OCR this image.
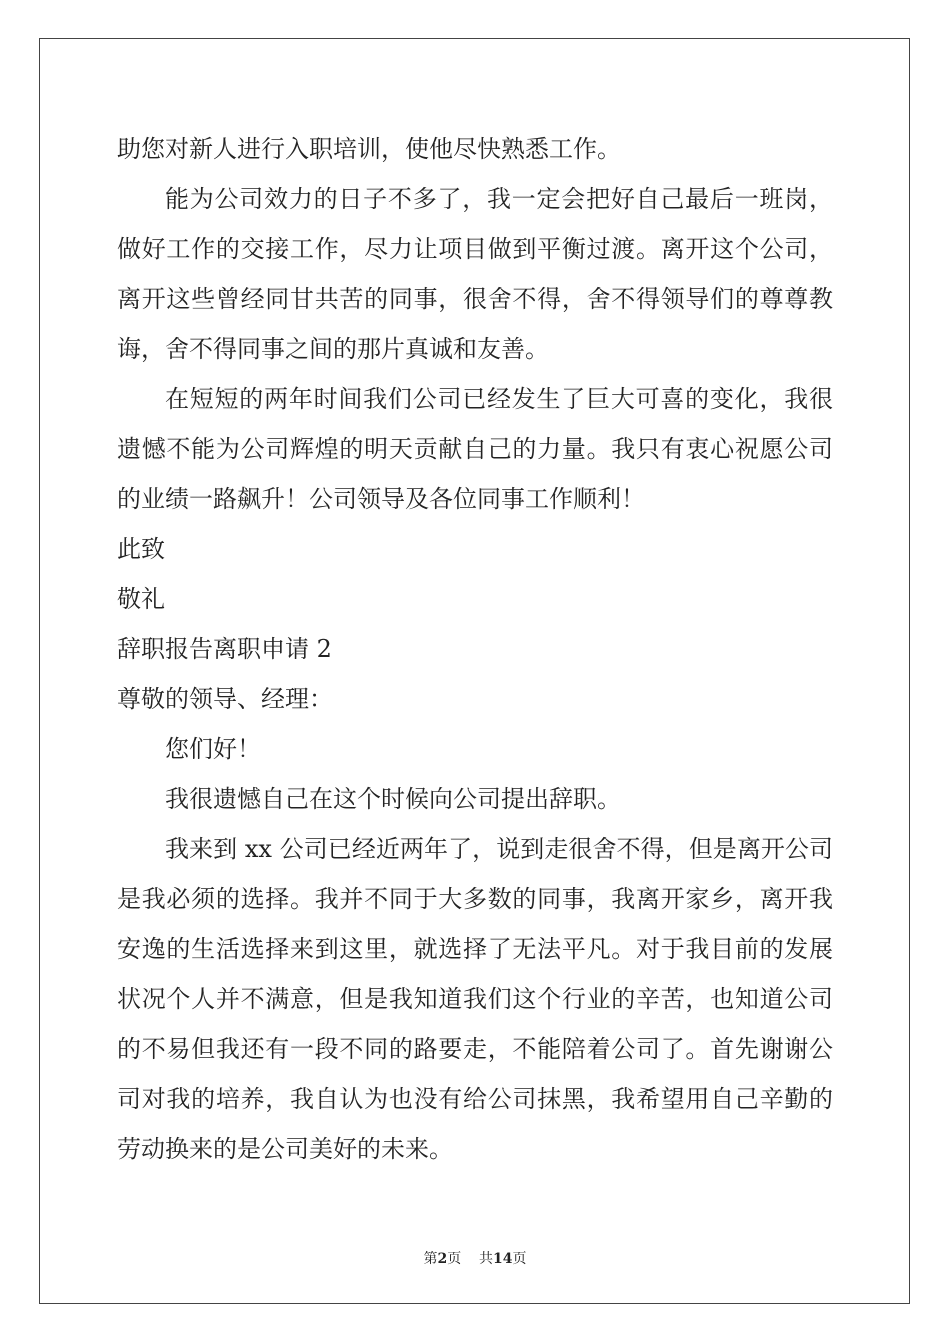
助您对新人进行入职培训，使他尽快熟悉工作。

能为公司效力的日子不多了，我一定会把好自己最后一班岗，做好工作的交接工作，尽力让项目做到平衡过渡。离开这个公司，离开这些曾经同甘共苦的同事，很舍不得，舍不得领导们的尊尊教诲，舍不得同事之间的那片真诚和友善。

在短短的两年时间我们公司已经发生了巨大可喜的变化，我很遗憾不能为公司辉煌的明天贡献自己的力量。我只有衷心祝愿公司的业绩一路飙升！公司领导及各位同事工作顺利！

此致

敬礼

辞职报告离职申请 2

尊敬的领导、经理：

您们好！

我很遗憾自己在这个时候向公司提出辞职。

我来到 xx 公司已经近两年了，说到走很舍不得，但是离开公司是我必须的选择。我并不同于大多数的同事，我离开家乡，离开我安逸的生活选择来到这里，就选择了无法平凡。对于我目前的发展状况个人并不满意，但是我知道我们这个行业的辛苦，也知道公司的不易但我还有一段不同的路要走，不能陪着公司了。首先谢谢公司对我的培养，我自认为也没有给公司抹黑，我希望用自己辛勤的劳动换来的是公司美好的未来。

第2页    共14页
